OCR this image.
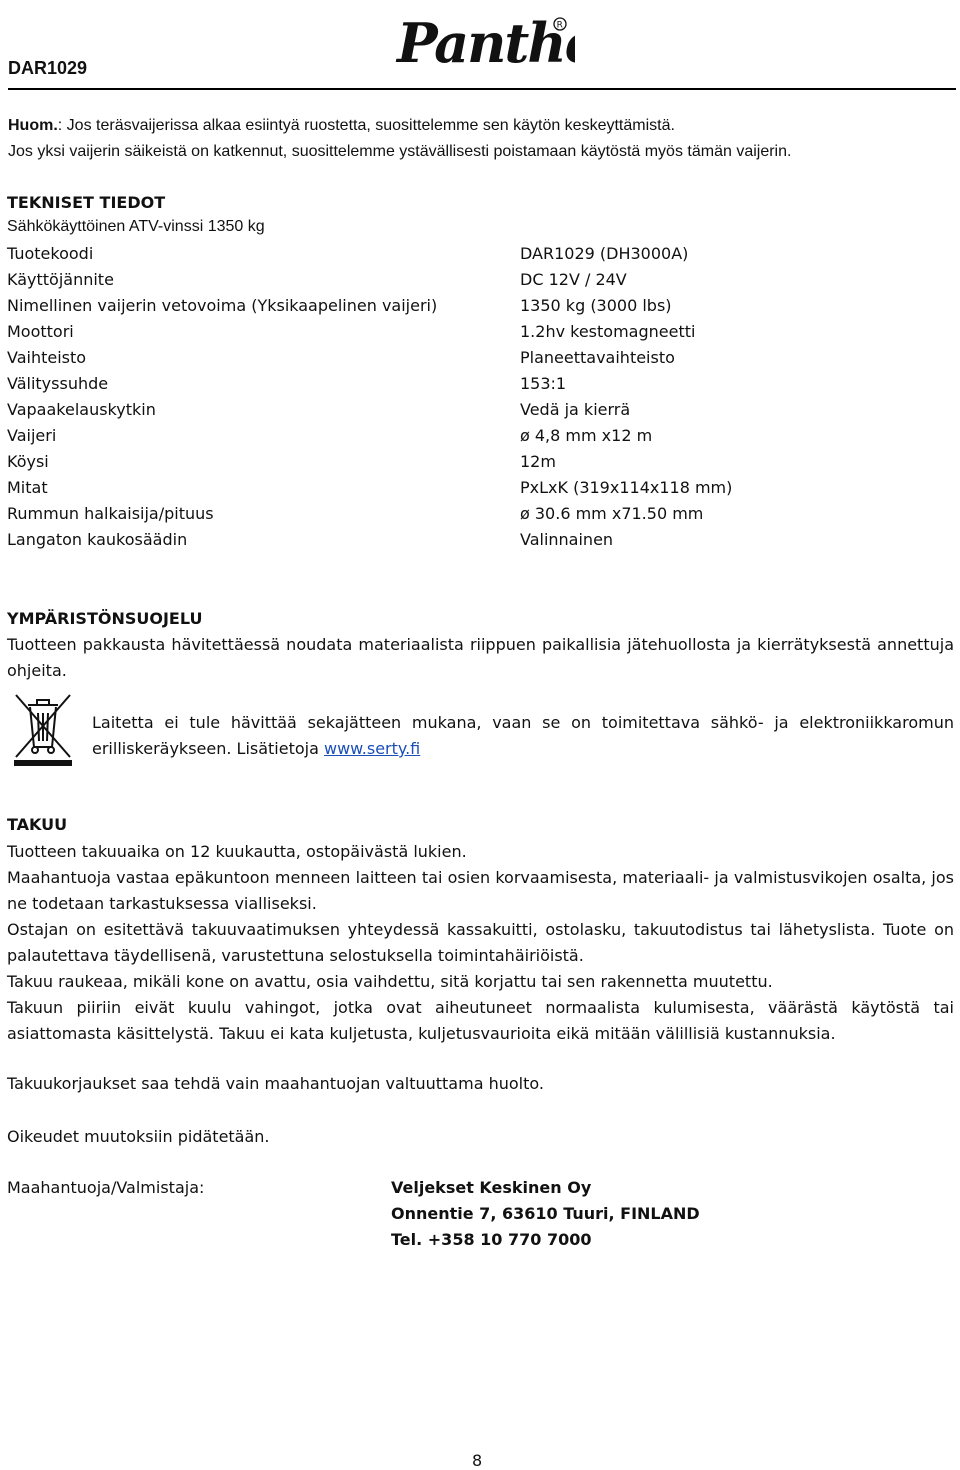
DAR1029	Panth
R
Huom.: Jos teräsvaijerissa alkaa esiintyä ruostetta, suosittelemme sen käytön keskeyttämistä.
Jos yksi vaijerin säikeistä on katkennut, suosittelemme ystävällisesti poistamaan käytöstä myös tämän vaijerin.
TEKNISET TIEDOT
Sähkökäyttöinen ATV-vinssi 1350 kg
Tuotekoodi	DAR1029 (DH3000A)
Käyttöjännite	DC 12V / 24V
Nimellinen vaijerin vetovoima (Yksikaapelinen vaijeri)	1350 kg (3000 lbs)
Moottori	1.2hv kestomagneetti
Vaihteisto	Planeettavaihteisto
Välityssuhde	153:1
Vapaakelauskytkin	Vedä ja kierrä
Vaijeri	ø 4,8 mm x12 m
Köysi	12m
Mitat	PxLxK (319x114x118 mm)
Rummun halkaisija/pituus	ø 30.6 mm x71.50 mm
Langaton kaukosäädin	Valinnainen
YMPÄRISTÖNSUOJELU
Tuotteen pakkausta hävitettäessä noudata materiaalista riippuen paikallisia jätehuollosta ja kierrätyksestä annettuja ohjeita.
Laitetta ei tule hävittää sekajätteen mukana, vaan se on toimitettava sähkö- ja elektroniikkaromun erilliskeräykseen. Lisätietoja www.serty.fi
TAKUU
Tuotteen takuuaika on 12 kuukautta, ostopäivästä lukien.
Maahantuoja vastaa epäkuntoon menneen laitteen tai osien korvaamisesta, materiaali- ja valmistusvikojen osalta, jos ne todetaan tarkastuksessa vialliseksi.
Ostajan on esitettävä takuuvaatimuksen yhteydessä kassakuitti, ostolasku, takuutodistus tai lähetyslista. Tuote on palautettava täydellisenä, varustettuna selostuksella toimintahäiriöistä.
Takuu raukeaa, mikäli kone on avattu, osia vaihdettu, sitä korjattu tai sen rakennetta muutettu.
Takuun piiriin eivät kuulu vahingot, jotka ovat aiheutuneet normaalista kulumisesta, väärästä käytöstä tai asiattomasta käsittelystä. Takuu ei kata kuljetusta, kuljetusvaurioita eikä mitään välillisiä kustannuksia.
Takuukorjaukset saa tehdä vain maahantuojan valtuuttama huolto.
Oikeudet muutoksiin pidätetään.
Maahantuoja/Valmistaja:	Veljekset Keskinen Oy
Onnentie 7, 63610 Tuuri, FINLAND
Tel. +358 10 770 7000
8
